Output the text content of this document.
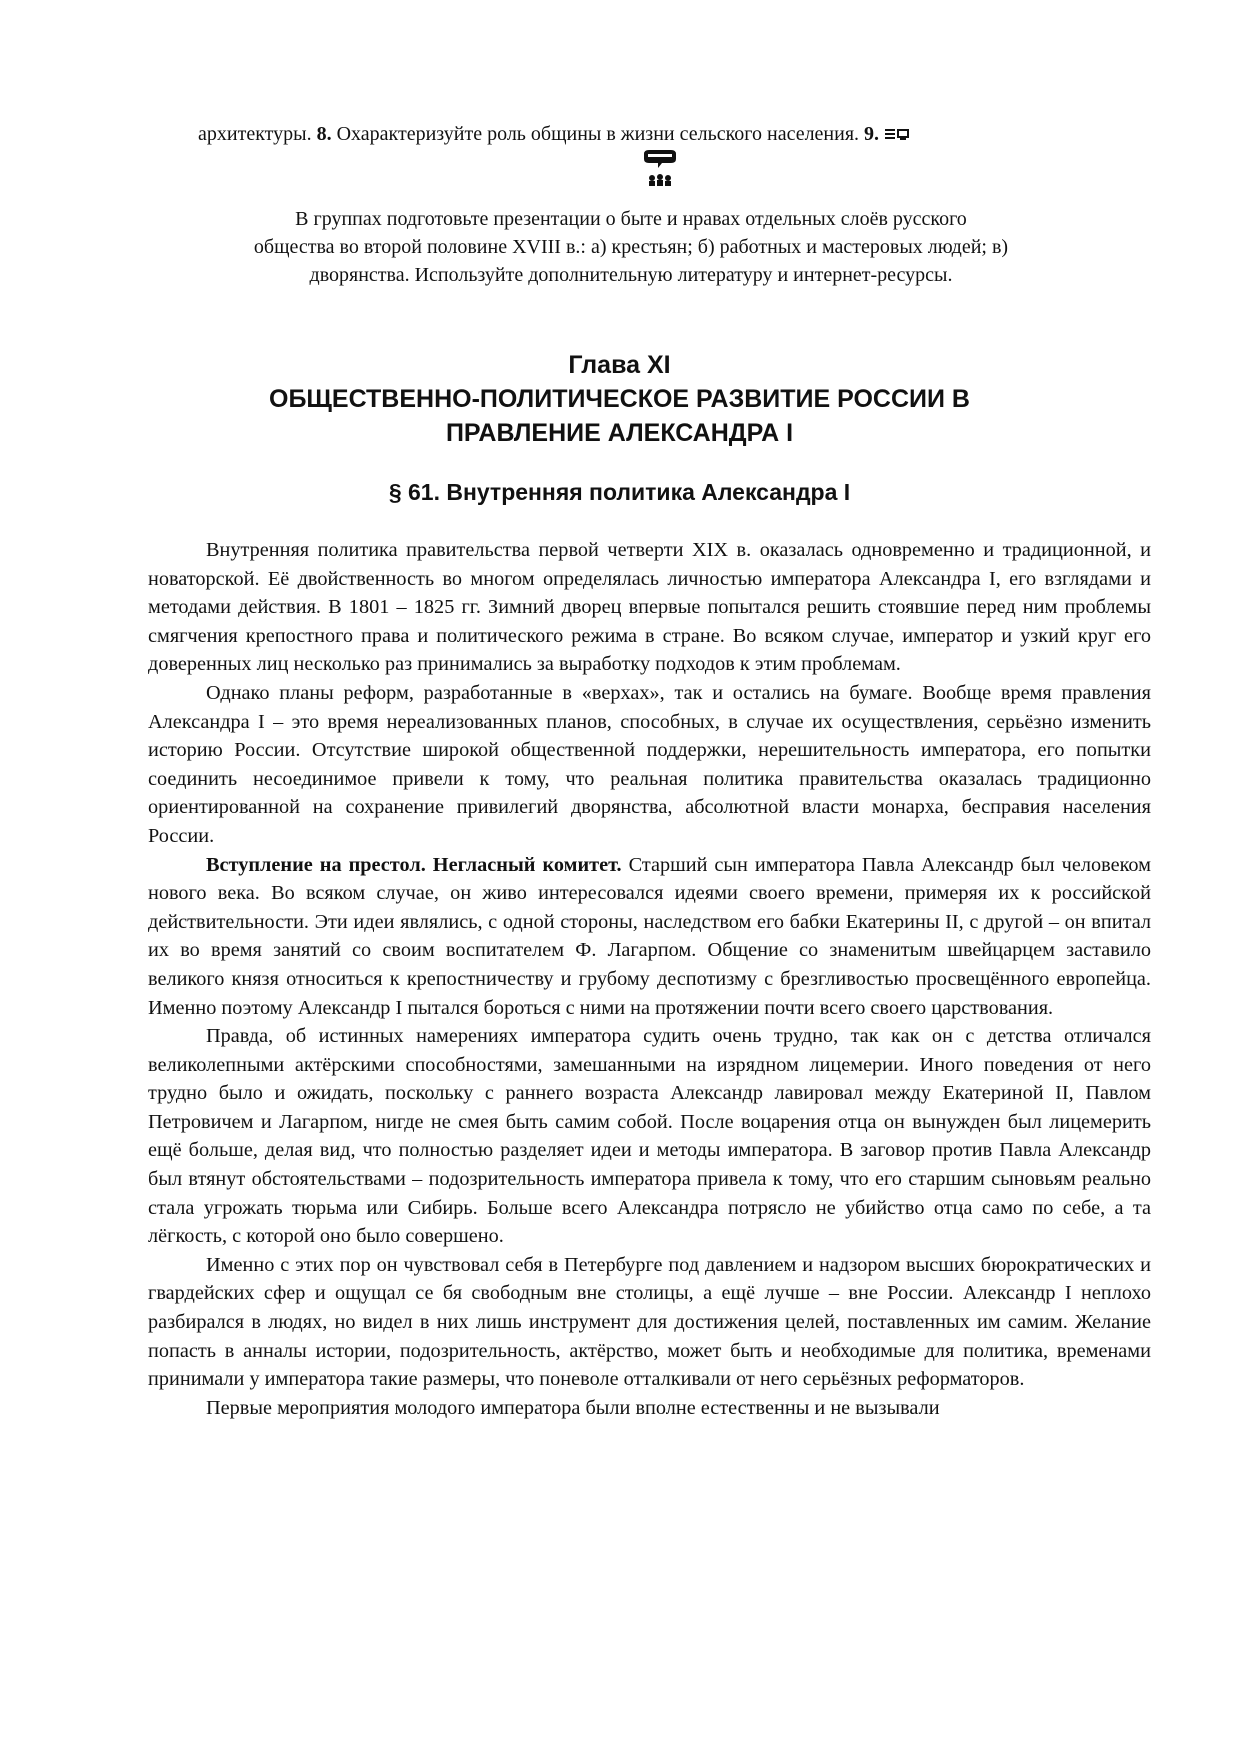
архитектуры. 8. Охарактеризуйте роль общины в жизни сельского населения. 9.
В группах подготовьте презентации о быте и нравах отдельных слоёв русского
общества во второй половине XVIII в.: а) крестьян; б) работных и мастеровых людей; в)
дворянства. Используйте дополнительную литературу и интернет-ресурсы.
Глава XI
ОБЩЕСТВЕННО-ПОЛИТИЧЕСКОЕ РАЗВИТИЕ РОССИИ В
ПРАВЛЕНИЕ АЛЕКСАНДРА I
§ 61. Внутренняя политика Александра I

Внутренняя политика правительства первой четверти XIX в. оказалась одновременно и традиционной, и новаторской. Её двойственность во многом определялась личностью императора Александра I, его взглядами и методами действия. В 1801 – 1825 гг. Зимний дворец впервые попытался решить стоявшие перед ним проблемы смягчения крепостного права и политического режима в стране. Во всяком случае, император и узкий круг его доверенных лиц несколько раз принимались за выработку подходов к этим проблемам.

Однако планы реформ, разработанные в «верхах», так и остались на бумаге. Вообще время правления Александра I – это время нереализованных планов, способных, в случае их осуществления, серьёзно изменить историю России. Отсутствие широкой общественной поддержки, нерешительность императора, его попытки соединить несоединимое привели к тому, что реальная политика правительства оказалась традиционно ориентированной на сохранение привилегий дворянства, абсолютной власти монарха, бесправия населения России.

Вступление на престол. Негласный комитет. Старший сын императора Павла Александр был человеком нового века. Во всяком случае, он живо интересовался идеями своего времени, примеряя их к российской действительности. Эти идеи являлись, с одной стороны, наследством его бабки Екатерины II, с другой – он впитал их во время занятий со своим воспитателем Ф. Лагарпом. Общение со знаменитым швейцарцем заставило великого князя относиться к крепостничеству и грубому деспотизму с брезгливостью просвещённого европейца. Именно поэтому Александр I пытался бороться с ними на протяжении почти всего своего царствования.

Правда, об истинных намерениях императора судить очень трудно, так как он с детства отличался великолепными актёрскими способностями, замешанными на изрядном лицемерии. Иного поведения от него трудно было и ожидать, поскольку с раннего возраста Александр лавировал между Екатериной II, Павлом Петровичем и Лагарпом, нигде не смея быть самим собой. После воцарения отца он вынужден был лицемерить ещё больше, делая вид, что полностью разделяет идеи и методы императора. В заговор против Павла Александр был втянут обстоятельствами – подозрительность императора привела к тому, что его старшим сыновьям реально стала угрожать тюрьма или Сибирь. Больше всего Александра потрясло не убийство отца само по себе, а та лёгкость, с которой оно было совершено.

Именно с этих пор он чувствовал себя в Петербурге под давлением и надзором высших бюрократических и гвардейских сфер и ощущал се бя свободным вне столицы, а ещё лучше – вне России. Александр I неплохо разбирался в людях, но видел в них лишь инструмент для достижения целей, поставленных им самим. Желание попасть в анналы истории, подозрительность, актёрство, может быть и необходимые для политика, временами принимали у императора такие размеры, что поневоле отталкивали от него серьёзных реформаторов.

Первые мероприятия молодого императора были вполне естественны и не вызывали
